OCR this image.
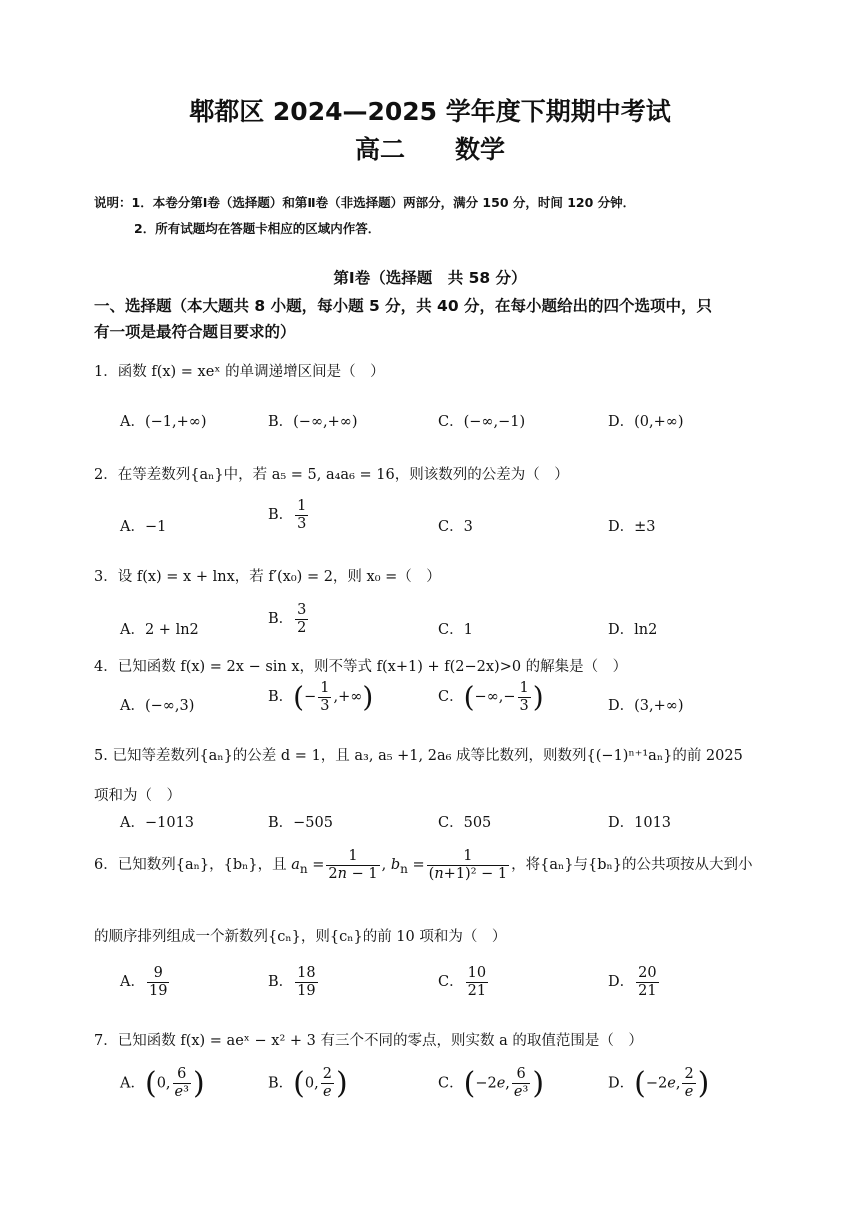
郫都区 2024—2025 学年度下期期中考试
高二　　数学
说明：1．本卷分第Ⅰ卷（选择题）和第Ⅱ卷（非选择题）两部分，满分 150 分，时间 120 分钟．
2．所有试题均在答题卡相应的区域内作答．
第Ⅰ卷（选择题　共 58 分）
一、选择题（本大题共 8 小题，每小题 5 分，共 40 分，在每小题给出的四个选项中，只
有一项是最符合题目要求的）
1．函数 f(x) = xeˣ 的单调递增区间是（　）
A．(−1,+∞)	B．(−∞,+∞)	C．(−∞,−1)	D．(0,+∞)
2．在等差数列{aₙ}中，若 a₅ = 5, a₄a₆ = 16，则该数列的公差为（　）
A．−1
B． $\frac{1}{3}$	C．3	D．±3
3．设 f(x) = x + lnx，若 f′(x₀) = 2，则 x₀ =（　）
A．2 + ln2
B． $\frac{3}{2}$	C．1	D．ln2
4．已知函数 f(x) = 2x − sin x，则不等式 f(x+1) + f(2−2x)>0 的解集是（　）
A．(−∞,3)
B．(− $\frac{1}{3}$ ,+∞)	C．(−∞,− $\frac{1}{3}$ )	D．(3,+∞)
5. 已知等差数列{aₙ}的公差 d = 1，且 a₃, a₅ +1, 2a₆ 成等比数列，则数列{(−1)ⁿ⁺¹aₙ}的前 2025
项和为（　）
A．−1013	B．−505	C．505	D．1013
6．已知数列{aₙ}，{bₙ}，且 $a_n = \frac{1}{2n - 1}$ , $b_n = \frac{1}{\text{(n+1)² − 1}}$ ，将{aₙ}与{bₙ}的公共项按从大到小
的顺序排列组成一个新数列{cₙ}，则{cₙ}的前 10 项和为（　）
A． $\frac{9}{19}$	B． $\frac{18}{19}$	C． $\frac{10}{21}$	D． $\frac{20}{21}$
7．已知函数 f(x) = aeˣ − x² + 3 有三个不同的零点，则实数 a 的取值范围是（　）
A．(0, $\frac{6}{\text{e³}}$ )	B．(0, $\frac{2}{e}$ )	C．(−2e, $\frac{6}{\text{e³}}$ )	D．(−2e, $\frac{2}{e}$ )
